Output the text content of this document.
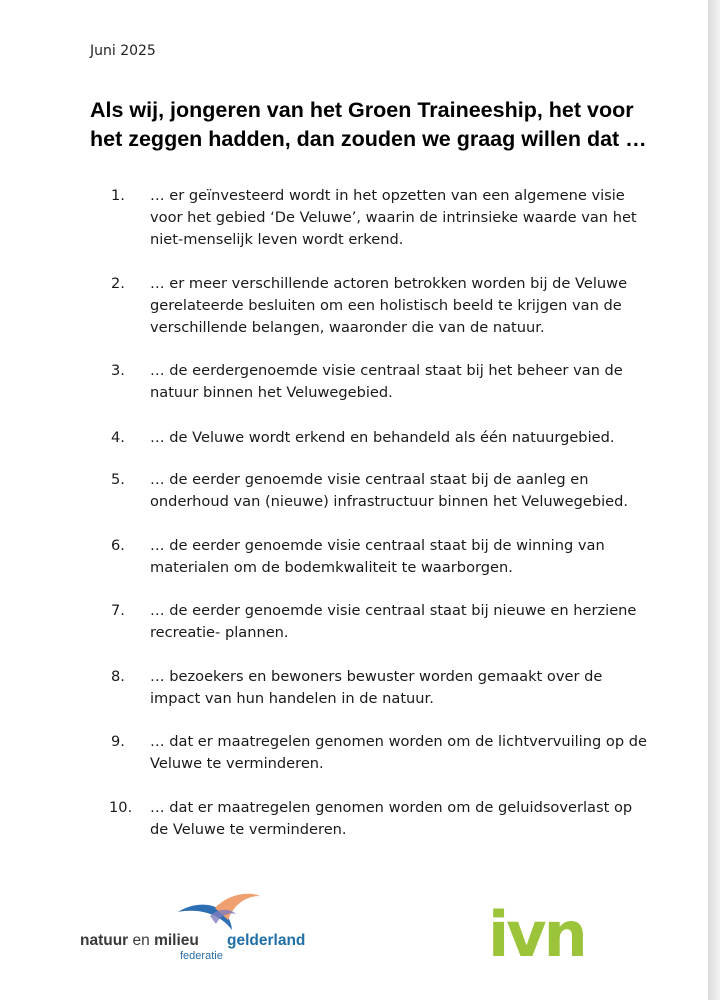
Juni 2025
Als wij, jongeren van het Groen Traineeship, het voor het zeggen hadden, dan zouden we graag willen dat …
1. … er geïnvesteerd wordt in het opzetten van een algemene visie voor het gebied ‘De Veluwe’, waarin de intrinsieke waarde van het niet-menselijk leven wordt erkend.
2. … er meer verschillende actoren betrokken worden bij de Veluwe gerelateerde besluiten om een holistisch beeld te krijgen van de verschillende belangen, waaronder die van de natuur.
3. … de eerdergenoemde visie centraal staat bij het beheer van de natuur binnen het Veluwegebied.
4. … de Veluwe wordt erkend en behandeld als één natuurgebied.
5. … de eerder genoemde visie centraal staat bij de aanleg en onderhoud van (nieuwe) infrastructuur binnen het Veluwegebied.
6. … de eerder genoemde visie centraal staat bij de winning van materialen om de bodemkwaliteit te waarborgen.
7. … de eerder genoemde visie centraal staat bij nieuwe en herziene recreatie- plannen.
8. … bezoekers en bewoners bewuster worden gemaakt over de impact van hun handelen in de natuur.
9. … dat er maatregelen genomen worden om de lichtvervuiling op de Veluwe te verminderen.
10. … dat er maatregelen genomen worden om de geluidsoverlast op de Veluwe te verminderen.
natuur en milieu gelderland
federatie	ivn
